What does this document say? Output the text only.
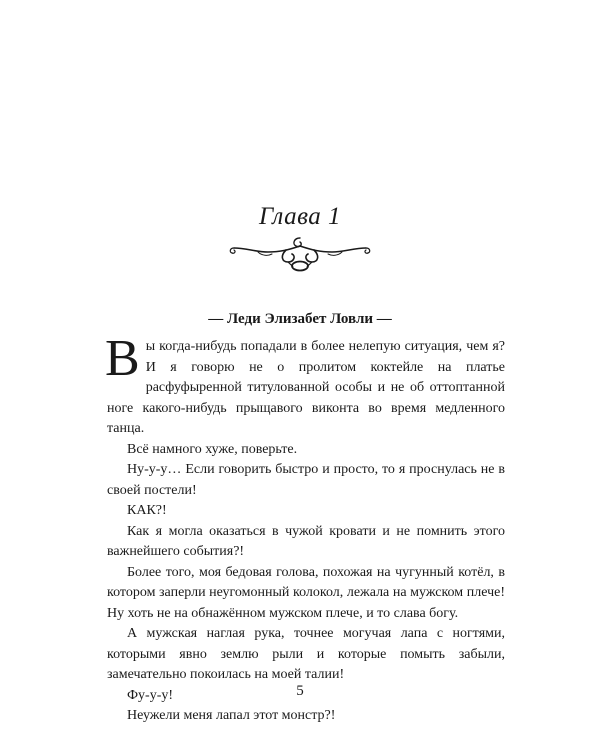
Глава 1
— Леди Элизабет Ловли —

Вы когда-нибудь попадали в более нелепую ситуация, чем я? И я говорю не о пролитом коктейле на платье расфуфыренной титулованной особы и не об оттоптанной ноге какого-нибудь прыщавого виконта во время медленного танца.

Всё намного хуже, поверьте.

Ну-у-у… Если говорить быстро и просто, то я проснулась не в своей постели!

КАК?!

Как я могла оказаться в чужой кровати и не помнить этого важнейшего события?!

Более того, моя бедовая голова, похожая на чугунный котёл, в котором заперли неугомонный колокол, лежала на мужском плече! Ну хоть не на обнажённом мужском плече, и то слава богу.

А мужская наглая рука, точнее могучая лапа с ногтями, которыми явно землю рыли и которые помыть забыли, замечательно покоилась на моей талии!

Фу-у-у!

Неужели меня лапал этот монстр?!

5
